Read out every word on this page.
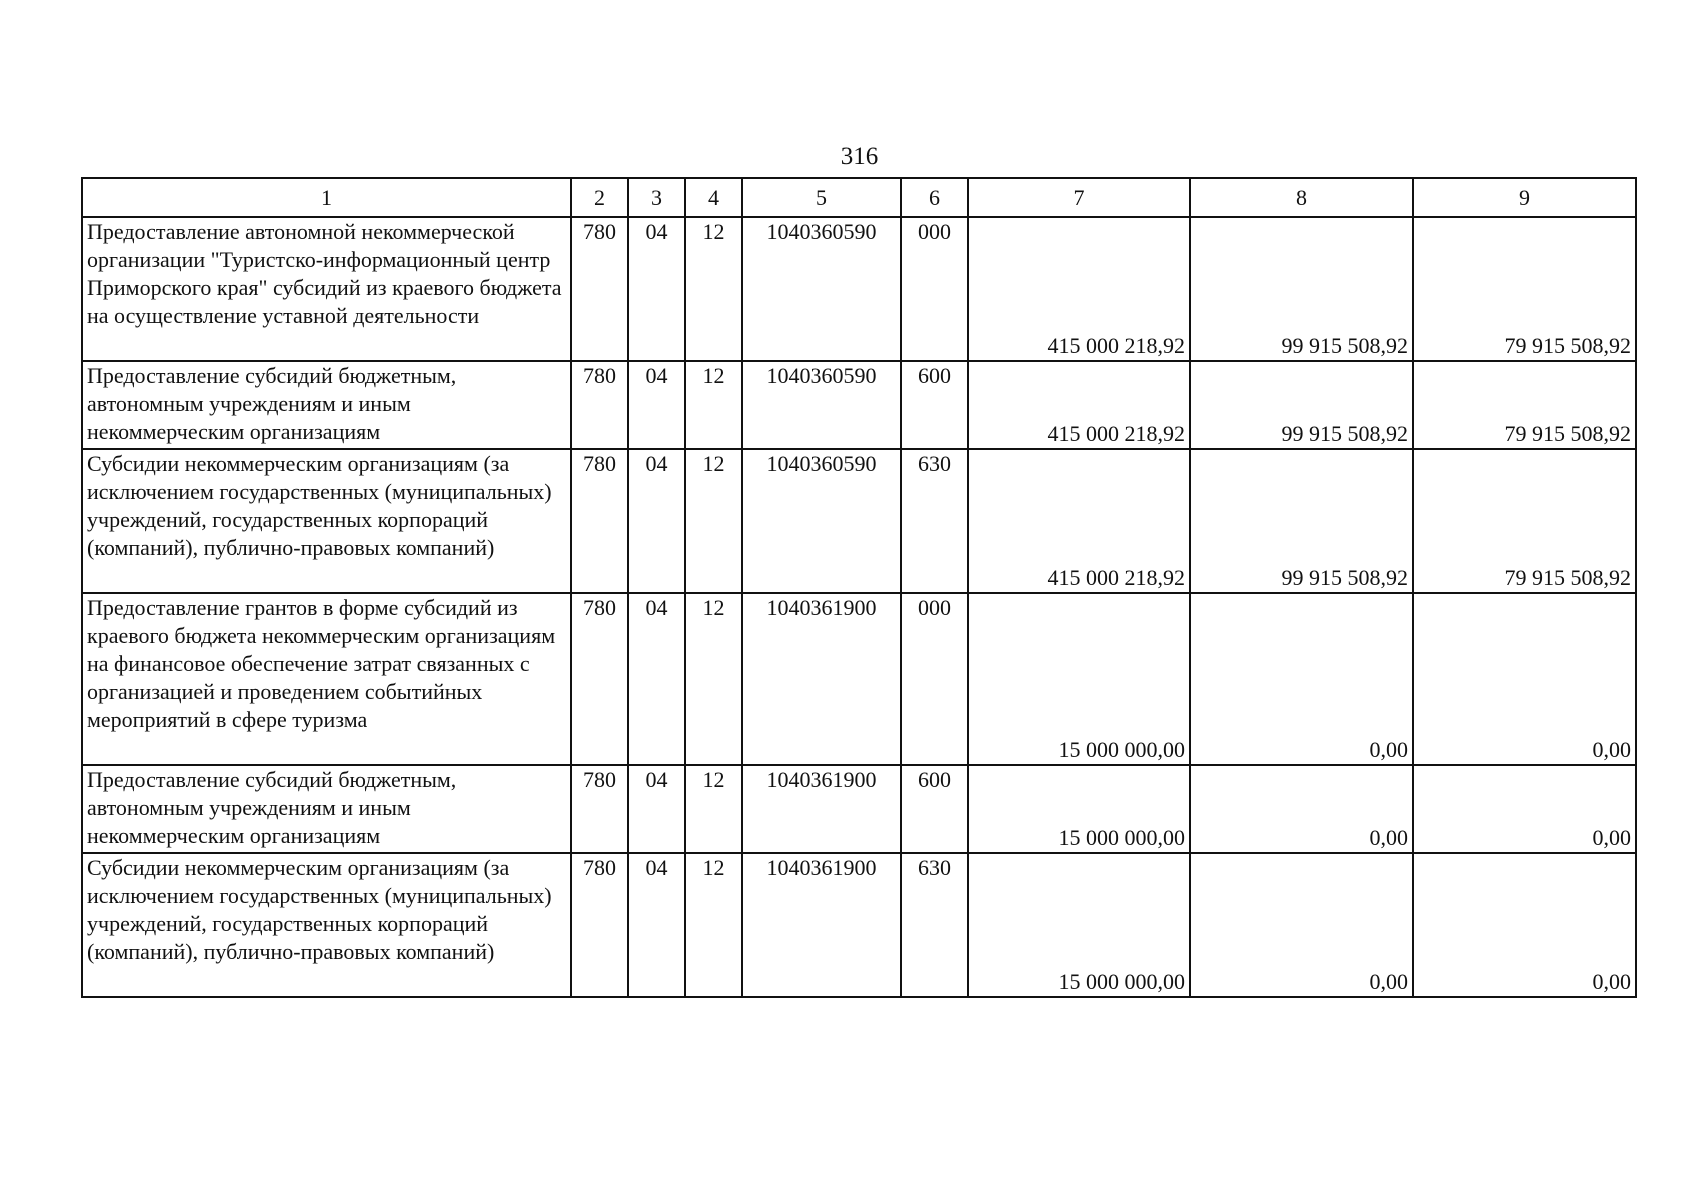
316
1	2	3	4	5	6	7	8	9
Предоставление автономной некоммерческой организации "Туристско-информационный центр Приморского края" субсидий из краевого бюджета на осуществление уставной деятельности	780	04	12	1040360590	000	415 000 218,92	99 915 508,92	79 915 508,92
Предоставление субсидий бюджетным, автономным учреждениям и иным некоммерческим организациям	780	04	12	1040360590	600	415 000 218,92	99 915 508,92	79 915 508,92
Субсидии некоммерческим организациям (за исключением государственных (муниципальных) учреждений, государственных корпораций (компаний), публично-правовых компаний)	780	04	12	1040360590	630	415 000 218,92	99 915 508,92	79 915 508,92
Предоставление грантов в форме субсидий из краевого бюджета некоммерческим организациям на финансовое обеспечение затрат связанных с организацией и проведением событийных мероприятий в сфере туризма	780	04	12	1040361900	000	15 000 000,00	0,00	0,00
Предоставление субсидий бюджетным, автономным учреждениям и иным некоммерческим организациям	780	04	12	1040361900	600	15 000 000,00	0,00	0,00
Субсидии некоммерческим организациям (за исключением государственных (муниципальных) учреждений, государственных корпораций (компаний), публично-правовых компаний)	780	04	12	1040361900	630	15 000 000,00	0,00	0,00
